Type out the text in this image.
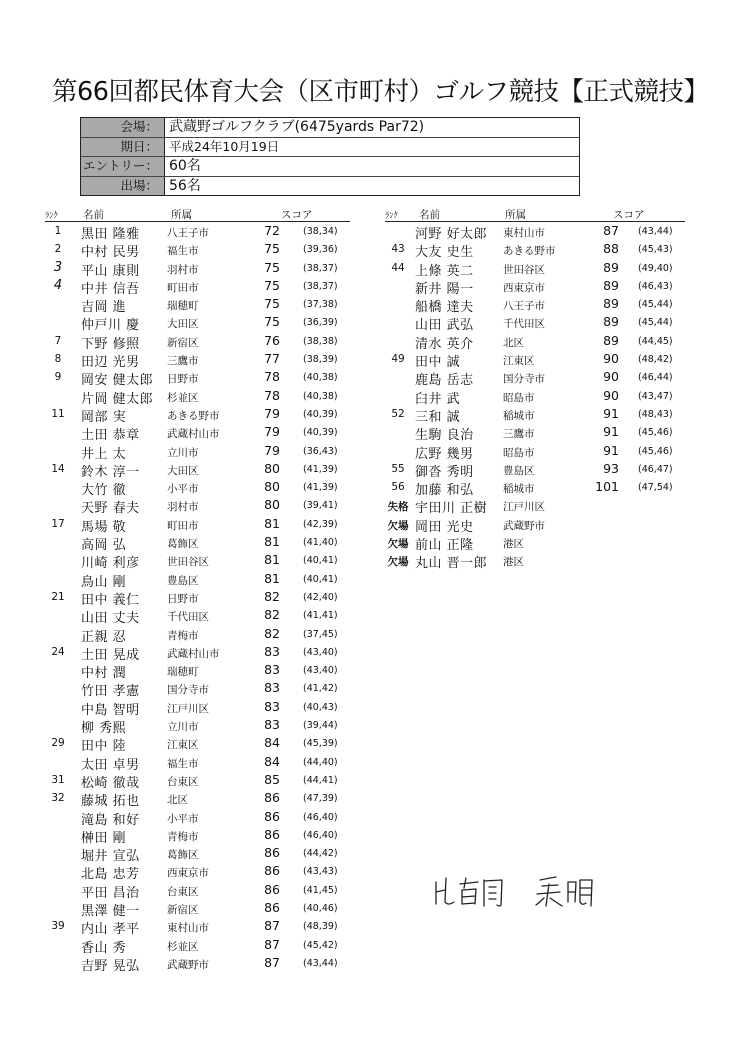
第66回都民体育大会（区市町村）ゴルフ競技【正式競技】
会場： 武蔵野ゴルフクラブ(6475yards Par72)
期日： 平成24年10月19日
エントリー： 60名
出場： 56名
ﾗﾝｸ 名前	所属	スコア
1	黒田 隆雅	八王子市	72 (38,34)
2	中村 民男	福生市	75 (39,36)
3	平山 康則	羽村市	75 (38,37)
4	中井 信吾	町田市	75 (38,37)
吉岡 進	瑞穂町	75 (37,38)
仲戸川 慶	大田区	75 (36,39)
7	下野 修照	新宿区	76 (38,38)
8	田辺 光男	三鷹市	77 (38,39)
9	岡安 健太郎 日野市	78 (40,38)
片岡 健太郎 杉並区	78 (40,38)
11	岡部 実	あきる野市	79 (40,39)
土田 恭章	武蔵村山市	79 (40,39)
井上 太	立川市	79 (36,43)
14	鈴木 淳一	大田区	80 (41,39)
大竹 徹	小平市	80 (41,39)
天野 春夫	羽村市	80 (39,41)
17	馬場 敬	町田市	81 (42,39)
高岡 弘	葛飾区	81 (41,40)
川崎 利彦	世田谷区	81 (40,41)
鳥山 剛	豊島区	81 (40,41)
21	田中 義仁	日野市	82 (42,40)
山田 丈夫	千代田区	82 (41,41)
正親 忍	青梅市	82 (37,45)
24	土田 晃成	武蔵村山市	83 (43,40)
中村 潤	瑞穂町	83 (43,40)
竹田 孝憲	国分寺市	83 (41,42)
中島 智明	江戸川区	83 (40,43)
柳 秀熙	立川市	83 (39,44)
29	田中 陸	江東区	84 (45,39)
太田 卓男	福生市	84 (44,40)
31	松崎 徹哉	台東区	85 (44,41)
32	藤城 拓也	北区	86 (47,39)
滝島 和好	小平市	86 (46,40)
榊田 剛	青梅市	86 (46,40)
堀井 宣弘	葛飾区	86 (44,42)
北島 忠芳	西東京市	86 (43,43)
平田 昌治	台東区	86 (41,45)
黒澤 健一	新宿区	86 (40,46)
39	内山 孝平	東村山市	87 (48,39)
香山 秀	杉並区	87 (45,42)
吉野 晃弘	武蔵野市	87 (43,44)
ﾗﾝｸ 名前	所属	スコア
河野 好太郎 東村山市	87 (43,44)
43 大友 史生	あきる野市	88 (45,43)
44 上條 英二	世田谷区	89 (49,40)
新井 陽一	西東京市	89 (46,43)
船橋 達夫	八王子市	89 (45,44)
山田 武弘	千代田区	89 (45,44)
清水 英介	北区	89 (44,45)
49 田中 誠	江東区	90 (48,42)
鹿島 岳志	国分寺市	90 (46,44)
臼井 武	昭島市	90 (43,47)
52 三和 誠	稲城市	91 (48,43)
生駒 良治	三鷹市	91 (45,46)
広野 幾男	昭島市	91 (45,46)
55 御沓 秀明	豊島区	93 (46,47)
56 加藤 和弘	稲城市	101 (47,54)
失格 宇田川 正樹 江戸川区
欠場 岡田 光史	武蔵野市
欠場 前山 正隆	港区
欠場 丸山 晋一郎 港区
